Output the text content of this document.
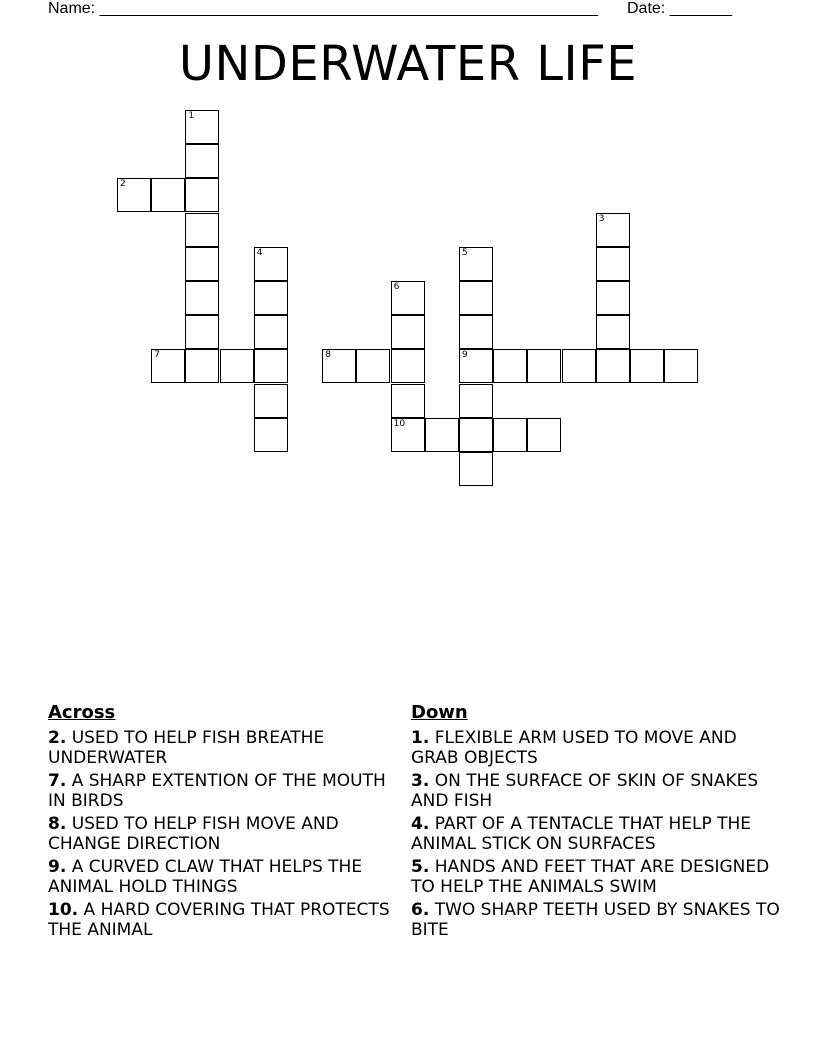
Name: ________________________________________________________ Date: _______
UNDERWATER LIFE
1
2
3
4	5
9
6
10
7	8
Across
2. USED TO HELP FISH BREATHE UNDERWATER
7. A SHARP EXTENTION OF THE MOUTH IN BIRDS
8. USED TO HELP FISH MOVE AND CHANGE DIRECTION
9. A CURVED CLAW THAT HELPS THE ANIMAL HOLD THINGS
10. A HARD COVERING THAT PROTECTS THE ANIMAL
Down
1. FLEXIBLE ARM USED TO MOVE AND GRAB OBJECTS
3. ON THE SURFACE OF SKIN OF SNAKES AND FISH
4. PART OF A TENTACLE THAT HELP THE ANIMAL STICK ON SURFACES
5. HANDS AND FEET THAT ARE DESIGNED TO HELP THE ANIMALS SWIM
6. TWO SHARP TEETH USED BY SNAKES TO BITE
